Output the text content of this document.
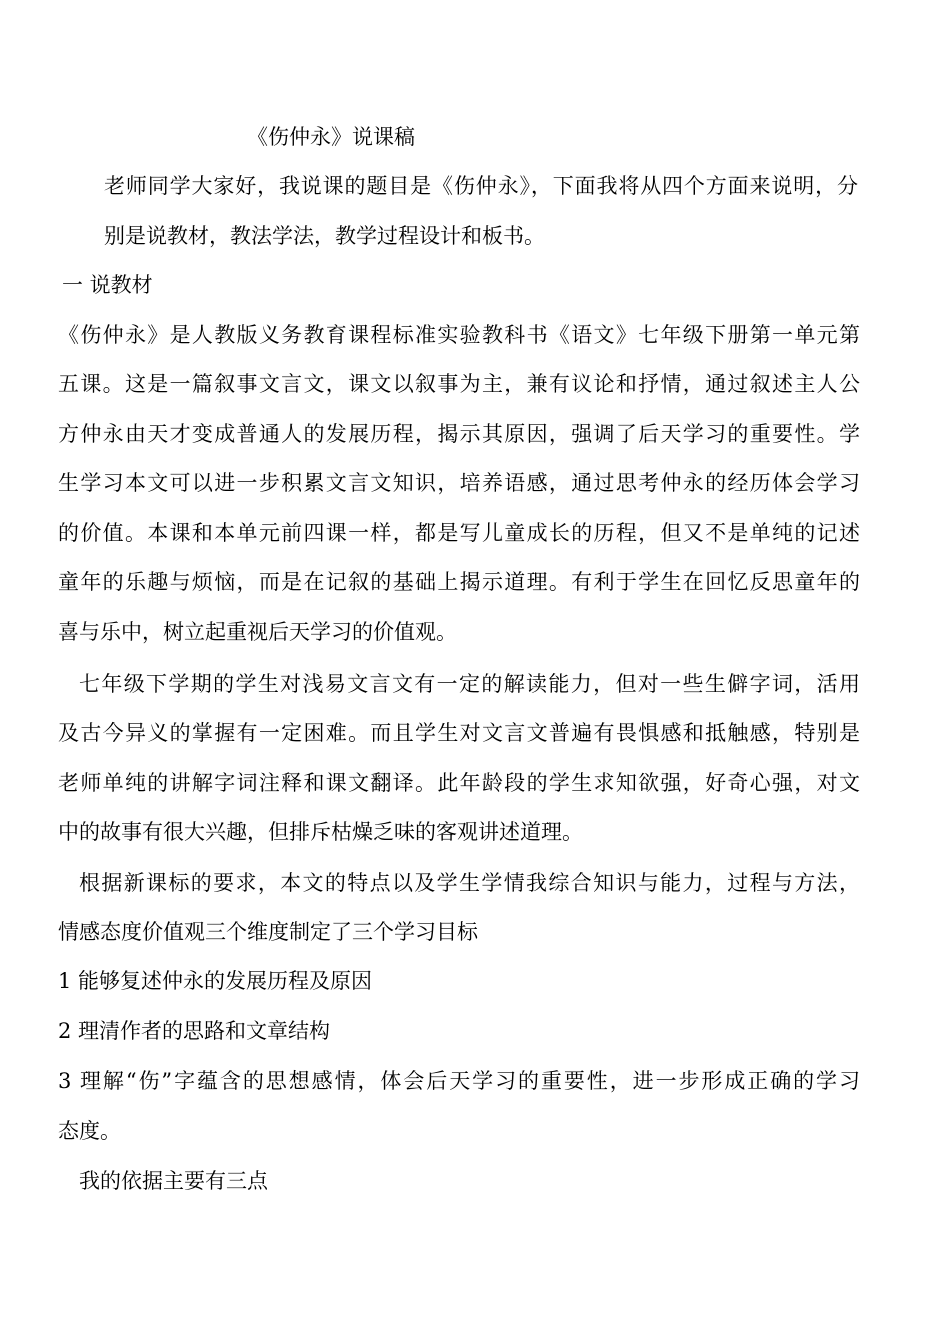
《伤仲永》说课稿

老师同学大家好，我说课的题目是《伤仲永》，下面我将从四个方面来说明，分

别是说教材，教法学法，教学过程设计和板书。

一 说教材

《伤仲永》是人教版义务教育课程标准实验教科书《语文》七年级下册第一单元第

五课。这是一篇叙事文言文，课文以叙事为主，兼有议论和抒情，通过叙述主人公

方仲永由天才变成普通人的发展历程，揭示其原因，强调了后天学习的重要性。学

生学习本文可以进一步积累文言文知识，培养语感，通过思考仲永的经历体会学习

的价值。本课和本单元前四课一样，都是写儿童成长的历程，但又不是单纯的记述

童年的乐趣与烦恼，而是在记叙的基础上揭示道理。有利于学生在回忆反思童年的

喜与乐中，树立起重视后天学习的价值观。

七年级下学期的学生对浅易文言文有一定的解读能力，但对一些生僻字词，活用

及古今异义的掌握有一定困难。而且学生对文言文普遍有畏惧感和抵触感，特别是

老师单纯的讲解字词注释和课文翻译。此年龄段的学生求知欲强，好奇心强，对文

中的故事有很大兴趣，但排斥枯燥乏味的客观讲述道理。

根据新课标的要求，本文的特点以及学生学情我综合知识与能力，过程与方法，

情感态度价值观三个维度制定了三个学习目标

1 能够复述仲永的发展历程及原因

2 理清作者的思路和文章结构

3 理解“伤”字蕴含的思想感情，体会后天学习的重要性，进一步形成正确的学习

态度。

我的依据主要有三点
